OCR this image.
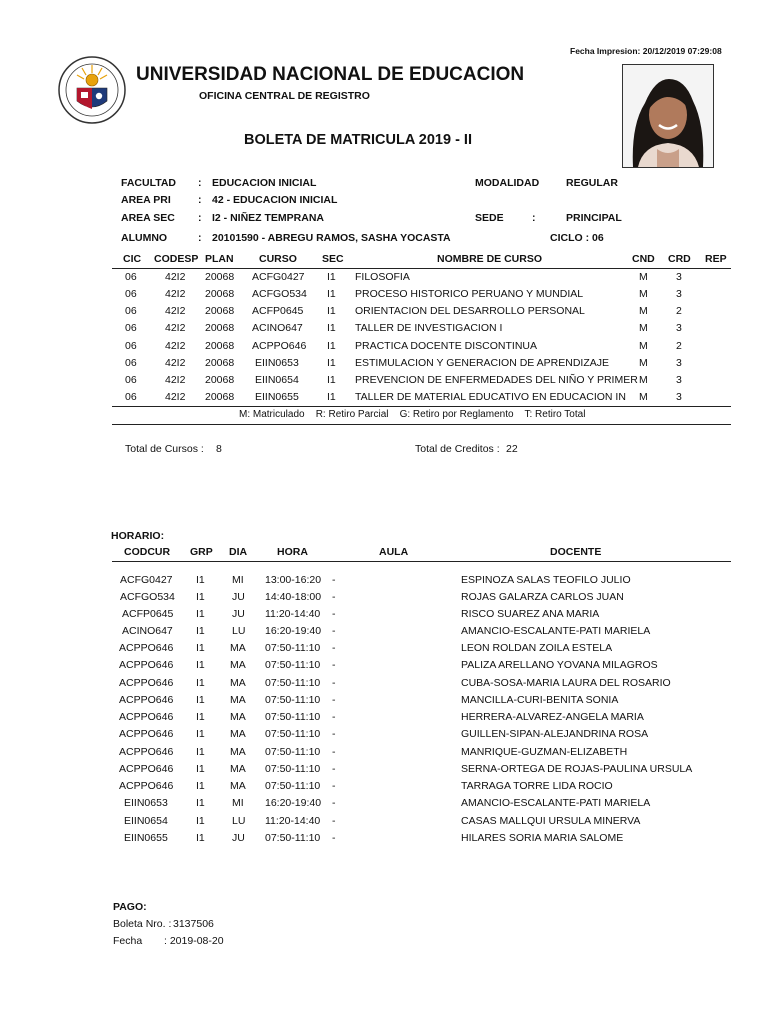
Fecha Impresion: 20/12/2019 07:29:08
UNIVERSIDAD NACIONAL DE EDUCACION
OFICINA CENTRAL DE REGISTRO
BOLETA DE MATRICULA 2019 - II
FACULTAD : EDUCACION INICIAL	MODALIDAD	REGULAR
AREA PRI	: 42 - EDUCACION INICIAL
AREA SEC : I2 - NIÑEZ TEMPRANA	SEDE	:	PRINCIPAL
ALUMNO	: 20101590 - ABREGU RAMOS, SASHA YOCASTA	CICLO : 06
CIC CODESP PLAN CURSO SEC	NOMBRE DE CURSO	CND CRD REP
06	42I2 20068 ACFG0427 I1 FILOSOFIA	M	3
06	42I2 20068 ACFGO534 I1 PROCESO HISTORICO PERUANO Y MUNDIAL	M	3
06	42I2 20068 ACFP0645 I1 ORIENTACION DEL DESARROLLO PERSONAL	M	2
06	42I2 20068 ACINO647 I1 TALLER DE INVESTIGACION I	M	3
06	42I2 20068 ACPPO646 I1 PRACTICA DOCENTE DISCONTINUA	M	2
06	42I2 20068 EIIN0653	I1 ESTIMULACION Y GENERACION DE APRENDIZAJE	M	3
06	42I2 20068 EIIN0654	I1 PREVENCION DE ENFERMEDADES DEL NIÑO Y PRIMER M	3
06	42I2 20068 EIIN0655	I1 TALLER DE MATERIAL EDUCATIVO EN EDUCACION IN M	3
M: Matriculado    R: Retiro Parcial    G: Retiro por Reglamento    T: Retiro Total
Total de Cursos : 8	Total de Creditos : 22
HORARIO:
CODCUR GRP DIA	HORA	AULA	DOCENTE
ACFG0427 I1	MI 13:00-16:20 -	ESPINOZA SALAS TEOFILO JULIO
ACFGO534 I1	JU 14:40-18:00 -	ROJAS GALARZA CARLOS JUAN
ACFP0645 I1	JU 11:20-14:40 -	RISCO SUAREZ ANA MARIA
ACINO647 I1	LU 16:20-19:40 -	AMANCIO-ESCALANTE-PATI MARIELA
ACPPO646 I1 MA 07:50-11:10 -	LEON ROLDAN ZOILA ESTELA
ACPPO646 I1 MA 07:50-11:10 -	PALIZA ARELLANO YOVANA MILAGROS
ACPPO646 I1 MA 07:50-11:10 -	CUBA-SOSA-MARIA LAURA DEL ROSARIO
ACPPO646 I1 MA 07:50-11:10 -	MANCILLA-CURI-BENITA SONIA
ACPPO646 I1 MA 07:50-11:10 -	HERRERA-ALVAREZ-ANGELA MARIA
ACPPO646 I1 MA 07:50-11:10 -	GUILLEN-SIPAN-ALEJANDRINA ROSA
ACPPO646 I1 MA 07:50-11:10 -	MANRIQUE-GUZMAN-ELIZABETH
ACPPO646 I1 MA 07:50-11:10 -	SERNA-ORTEGA DE ROJAS-PAULINA URSULA
ACPPO646 I1 MA 07:50-11:10 -	TARRAGA TORRE LIDA ROCIO
EIIN0653	I1	MI 16:20-19:40 -	AMANCIO-ESCALANTE-PATI MARIELA
EIIN0654	I1	LU 11:20-14:40 -	CASAS MALLQUI URSULA MINERVA
EIIN0655	I1	JU 07:50-11:10 -	HILARES SORIA MARIA SALOME
PAGO:
Boleta Nro. : 3137506
Fecha : 2019-08-20
